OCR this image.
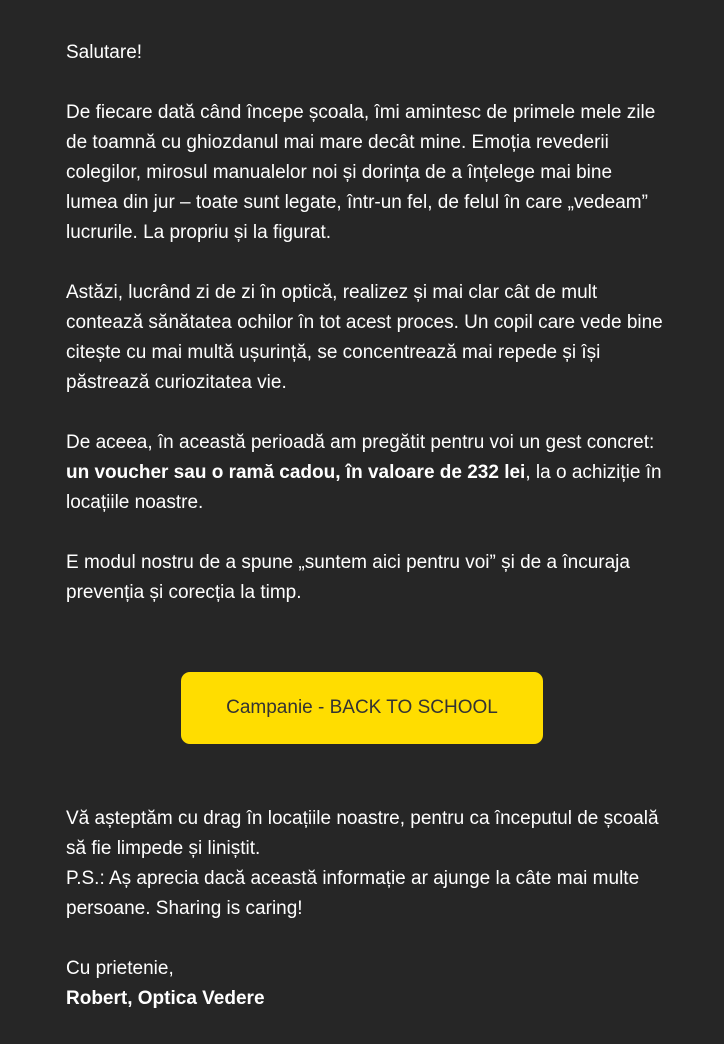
Salutare!

De fiecare dată când începe școala, îmi amintesc de primele mele zile de toamnă cu ghiozdanul mai mare decât mine. Emoția revederii colegilor, mirosul manualelor noi și dorința de a înțelege mai bine lumea din jur – toate sunt legate, într-un fel, de felul în care „vedeam” lucrurile. La propriu și la figurat.

Astăzi, lucrând zi de zi în optică, realizez și mai clar cât de mult contează sănătatea ochilor în tot acest proces. Un copil care vede bine citește cu mai multă ușurință, se concentrează mai repede și își păstrează curiozitatea vie.

De aceea, în această perioadă am pregătit pentru voi un gest concret: un voucher sau o ramă cadou, în valoare de 232 lei, la o achiziție în locațiile noastre.

E modul nostru de a spune „suntem aici pentru voi” și de a încuraja prevenția și corecția la timp.

Campanie - BACK TO SCHOOL

Vă așteptăm cu drag în locațiile noastre, pentru ca începutul de școală să fie limpede și liniștit.
P.S.: Aș aprecia dacă această informație ar ajunge la câte mai multe persoane. Sharing is caring!

Cu prietenie,
Robert, Optica Vedere
